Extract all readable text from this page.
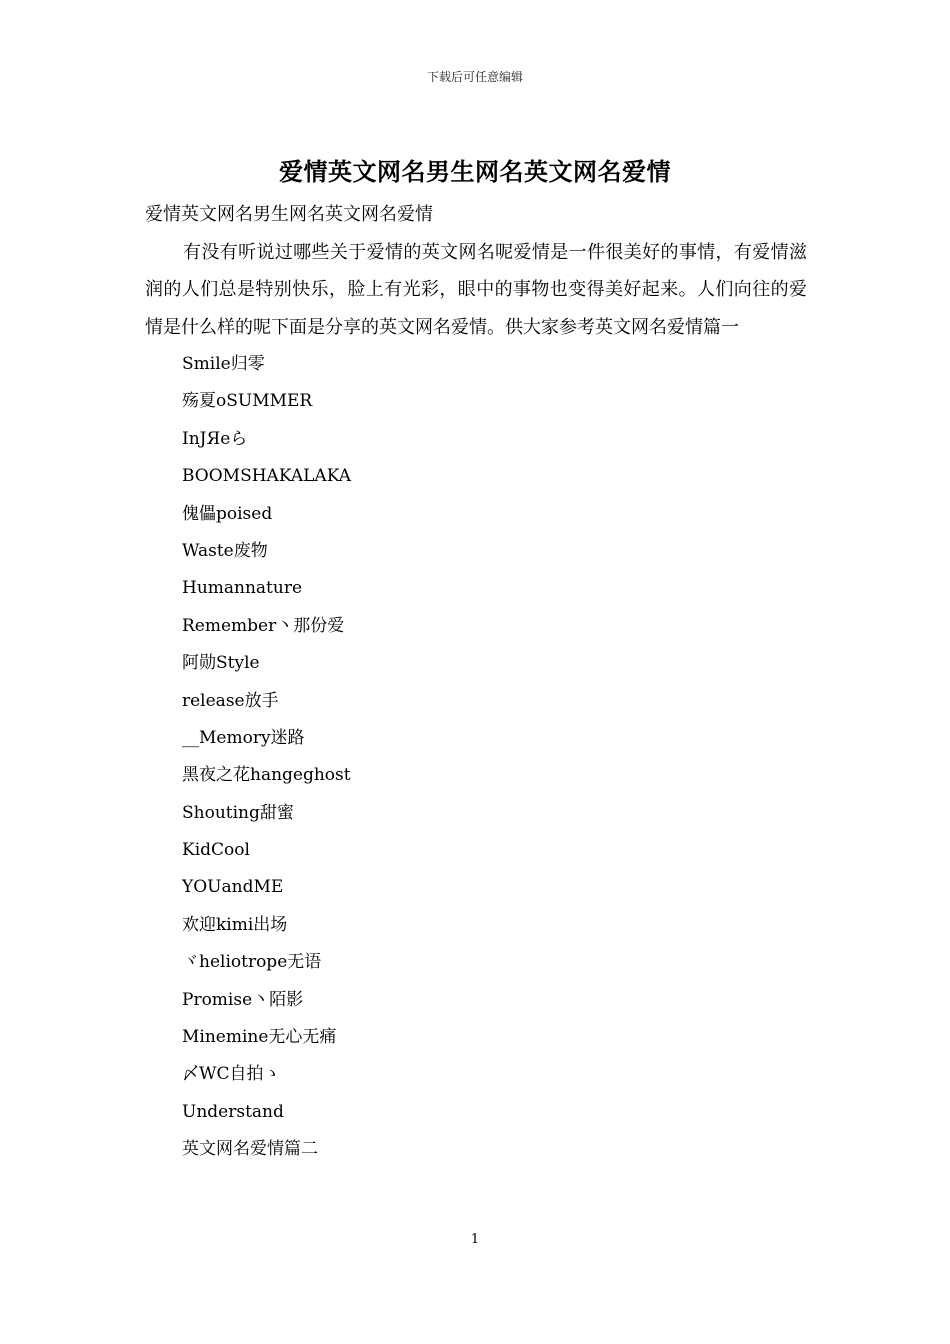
下载后可任意编辑
爱情英文网名男生网名英文网名爱情

爱情英文网名男生网名英文网名爱情

有没有听说过哪些关于爱情的英文网名呢爱情是一件很美好的事情，有爱情滋润的人们总是特别快乐，脸上有光彩，眼中的事物也变得美好起来。人们向往的爱情是什么样的呢下面是分享的英文网名爱情。供大家参考英文网名爱情篇一

Smile归零
殇夏oSUMMER
InJЯeら
BOOMSHAKALAKA
傀儡poised
Waste废物
Humannature
Remember丶那份爱
阿勋Style
release放手
__Memory迷路
黑夜之花hangeghost
Shouting甜蜜
KidCool
YOUandME
欢迎kimi出场
ヾheliotrope无语
Promise丶陌影
Minemine无心无痛
〆WC自拍ゝ
Understand
英文网名爱情篇二
1
